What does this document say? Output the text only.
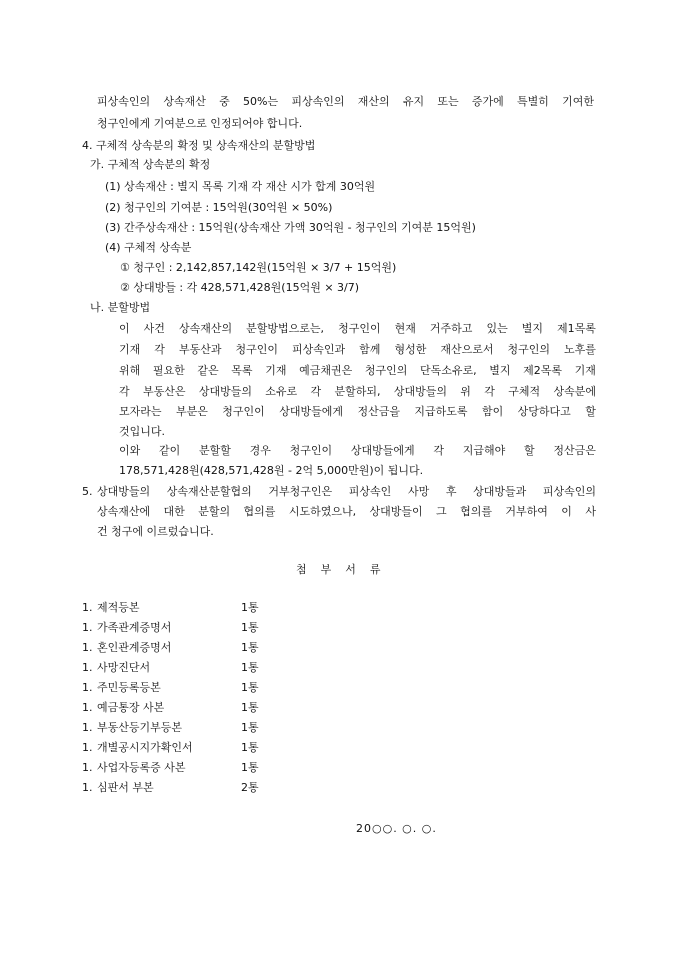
피상속인의 상속재산 중 50%는 피상속인의 재산의 유지 또는 증가에 특별히 기여한
청구인에게 기여분으로 인정되어야 합니다.
4. 구체적 상속분의 확정 및 상속재산의 분할방법
가. 구체적 상속분의 확정
(1) 상속재산 : 별지 목록 기재 각 재산 시가 합계 30억원
(2) 청구인의 기여분 : 15억원(30억원 × 50%)
(3) 간주상속재산 : 15억원(상속재산 가액 30억원 - 청구인의 기여분 15억원)
(4) 구체적 상속분
① 청구인 : 2,142,857,142원(15억원 × 3/7 + 15억원)
② 상대방들 : 각 428,571,428원(15억원 × 3/7)
나. 분할방법
이 사건 상속재산의 분할방법으로는, 청구인이 현재 거주하고 있는 별지 제1목록
기재 각 부동산과 청구인이 피상속인과 함께 형성한 재산으로서 청구인의 노후를
위해 필요한 같은 목록 기재 예금채권은 청구인의 단독소유로, 별지 제2목록 기재
각 부동산은 상대방들의 소유로 각 분할하되, 상대방들의 위 각 구체적 상속분에
모자라는 부분은 청구인이 상대방들에게 정산금을 지급하도록 함이 상당하다고 할
것입니다.
이와 같이 분할할 경우 청구인이 상대방들에게 각 지급해야 할 정산금은
178,571,428원(428,571,428원 - 2억 5,000만원)이 됩니다.
5. 상대방들의 상속재산분할협의 거부청구인은 피상속인 사망 후 상대방들과 피상속인의
상속재산에 대한 분할의 협의를 시도하였으나, 상대방들이 그 협의를 거부하여 이 사
건 청구에 이르렀습니다.
첨부서류
1. 제적등본	1통
1. 가족관계증명서	1통
1. 혼인관계증명서	1통
1. 사망진단서	1통
1. 주민등록등본	1통
1. 예금통장 사본	1통
1. 부동산등기부등본	1통
1. 개별공시지가확인서	1통
1. 사업자등록증 사본	1통
1. 심판서 부본	2통
20○○. ○. ○.
